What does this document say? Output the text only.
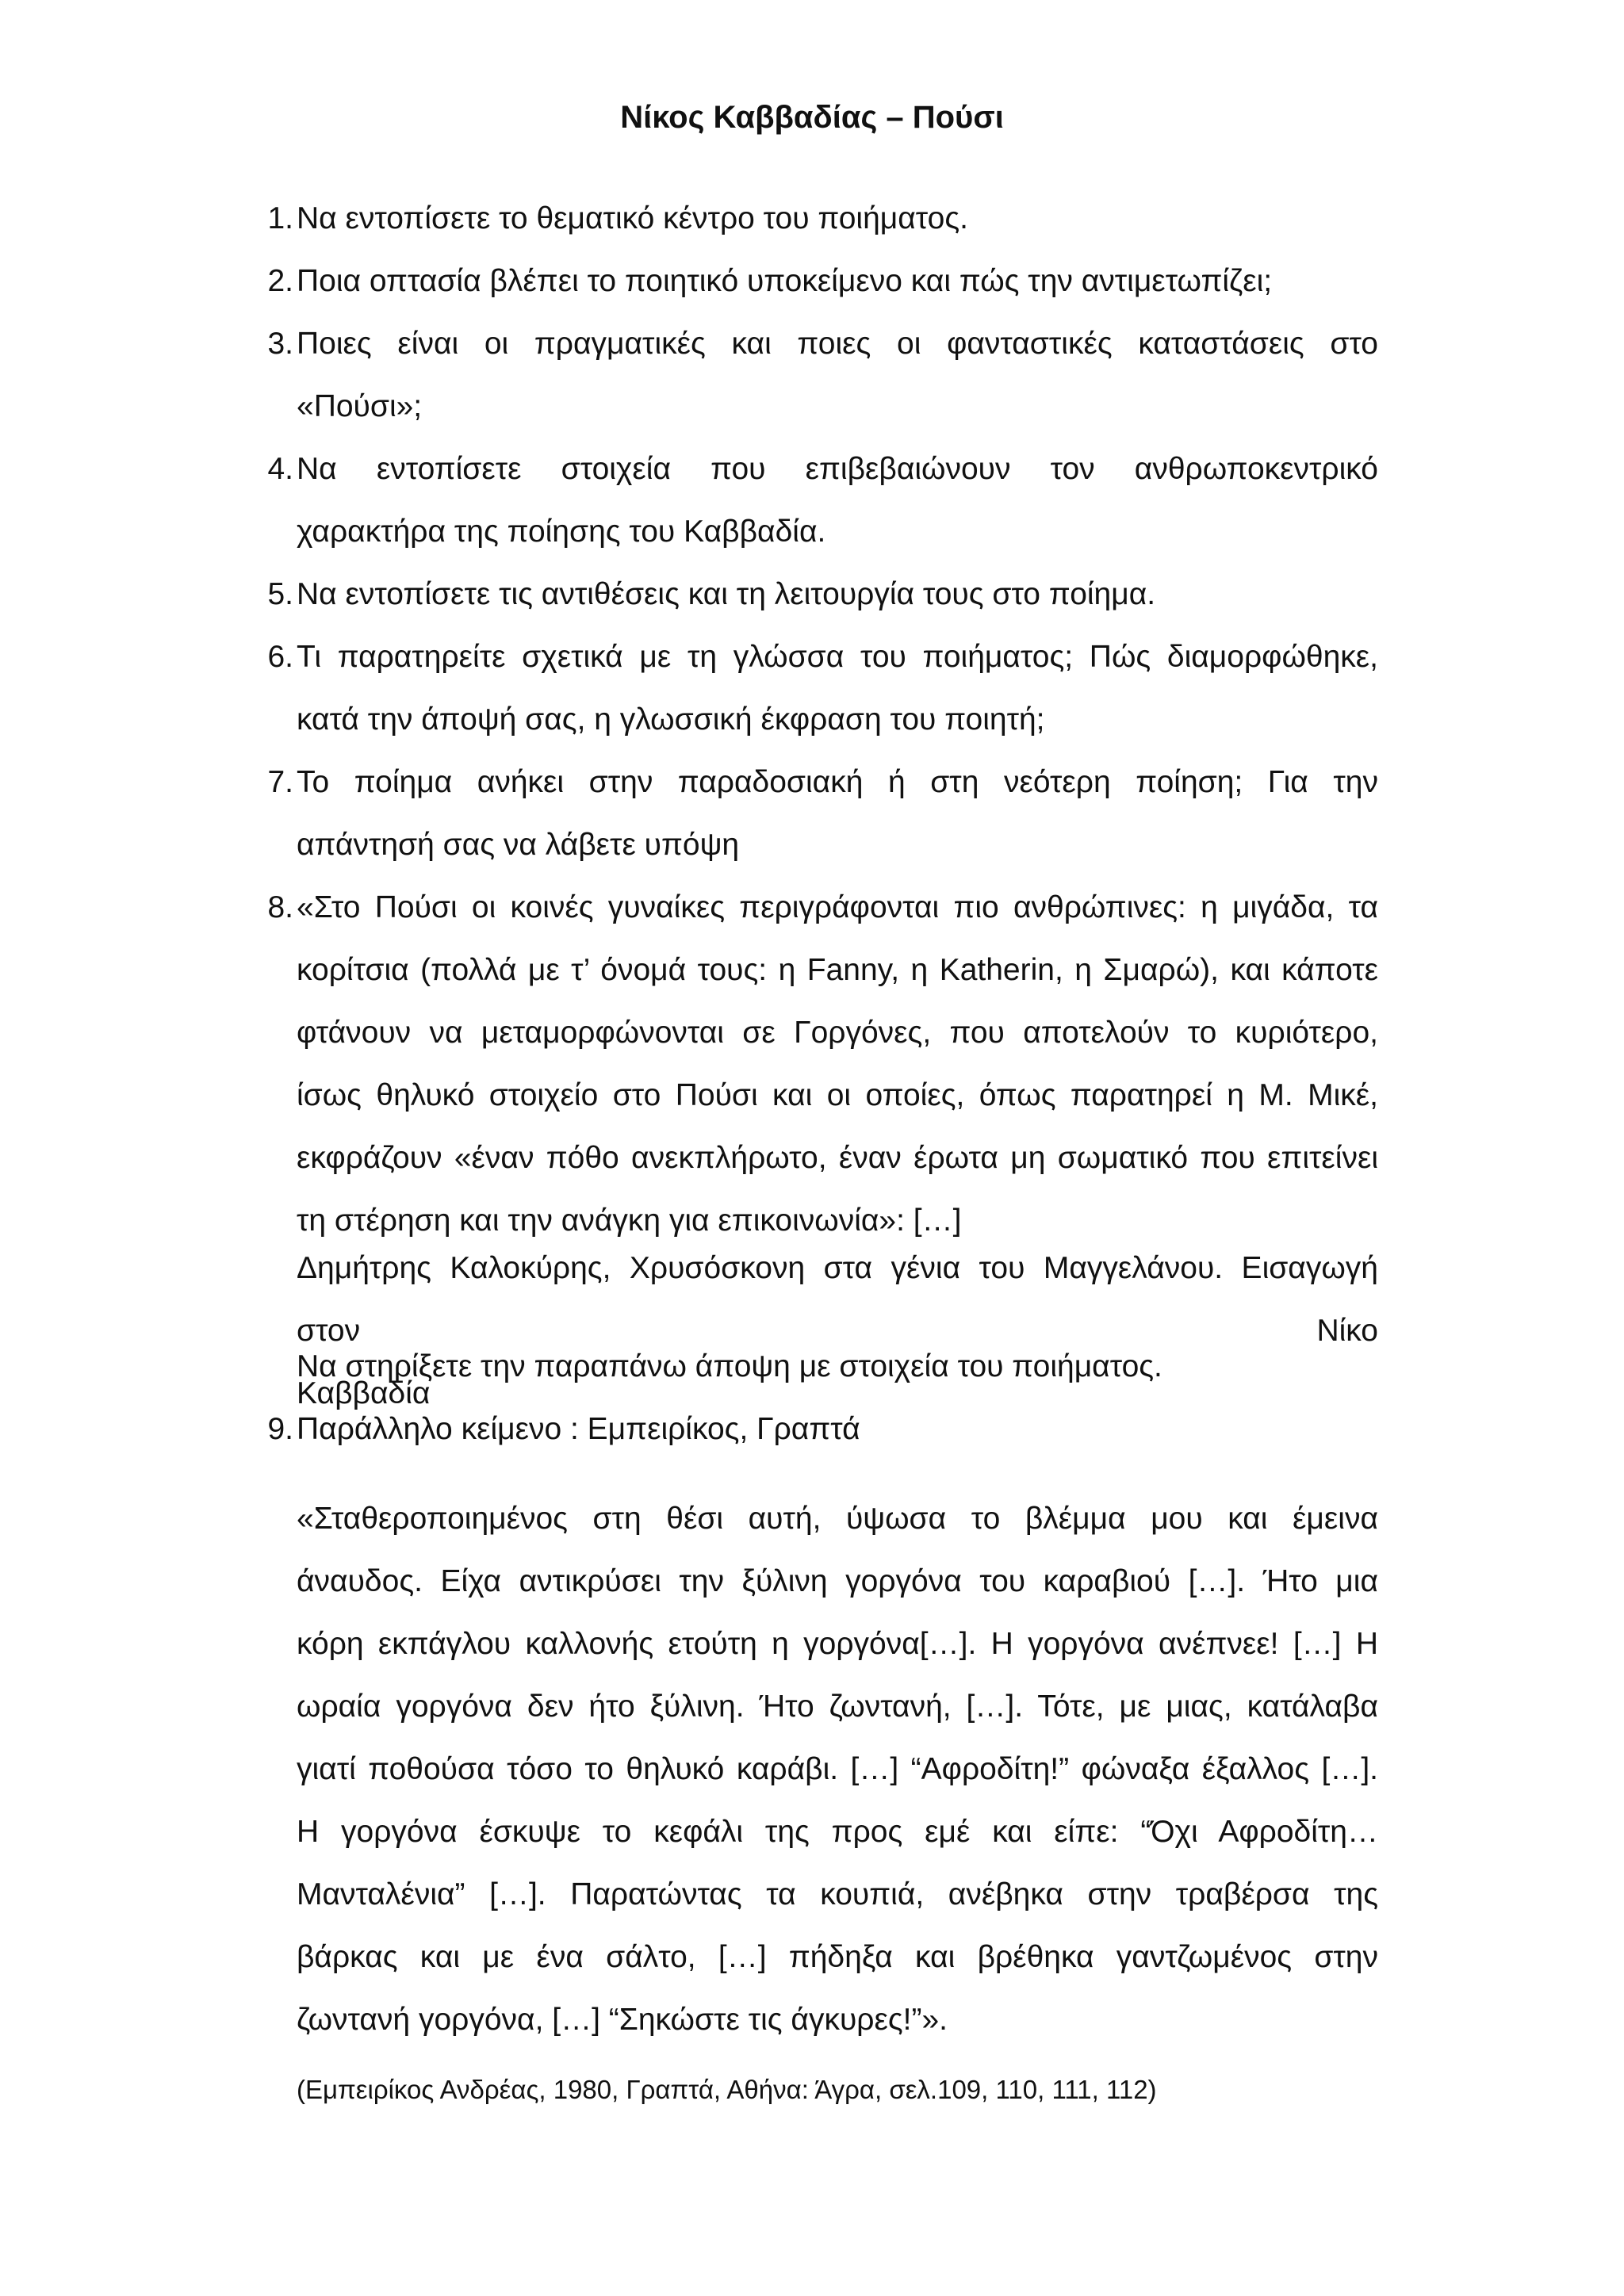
Νίκος Καββαδίας – Πούσι
1. Να εντοπίσετε το θεματικό κέντρο του ποιήματος.
2. Ποια οπτασία βλέπει το ποιητικό υποκείμενο και πώς την αντιμετωπίζει;
3. Ποιες είναι οι πραγματικές και ποιες οι φανταστικές καταστάσεις στο
«Πούσι»;
4. Να εντοπίσετε στοιχεία που επιβεβαιώνουν τον ανθρωποκεντρικό
χαρακτήρα της ποίησης του Καββαδία.
5. Να εντοπίσετε τις αντιθέσεις και τη λειτουργία τους στο ποίημα.
6. Τι παρατηρείτε σχετικά με τη γλώσσα του ποιήματος; Πώς διαμορφώθηκε,
κατά την άποψή σας, η γλωσσική έκφραση του ποιητή;
7. Το ποίημα ανήκει στην παραδοσιακή ή στη νεότερη ποίηση; Για την
απάντησή σας να λάβετε υπόψη
8. «Στο Πούσι οι κοινές γυναίκες περιγράφονται πιο ανθρώπινες: η μιγάδα, τα
κορίτσια (πολλά με τ’ όνομά τους: η Fanny, η Katherin, η Σμαρώ), και κάποτε
φτάνουν να μεταμορφώνονται σε Γοργόνες, που αποτελούν το κυριότερο,
ίσως θηλυκό στοιχείο στο Πούσι και οι οποίες, όπως παρατηρεί η Μ. Μικέ,
εκφράζουν «έναν πόθο ανεκπλήρωτο, έναν έρωτα μη σωματικό που επιτείνει
τη στέρηση και την ανάγκη για επικοινωνία»: […]
Δημήτρης Καλοκύρης, Χρυσόσκονη στα γένια του Μαγγελάνου. Εισαγωγή στον Νίκο
Καββαδία
Να στηρίξετε την παραπάνω άποψη με στοιχεία του ποιήματος.
9. Παράλληλο κείμενο : Εμπειρίκος, Γραπτά
«Σταθεροποιημένος στη θέσι αυτή, ύψωσα το βλέμμα μου και έμεινα
άναυδος. Είχα αντικρύσει την ξύλινη γοργόνα του καραβιού […]. Ήτο μια
κόρη εκπάγλου καλλονής ετούτη η γοργόνα[…]. Η γοργόνα ανέπνεε! […] Η
ωραία γοργόνα δεν ήτο ξύλινη. Ήτο ζωντανή, […]. Τότε, με μιας, κατάλαβα
γιατί ποθούσα τόσο το θηλυκό καράβι. […] “Αφροδίτη!” φώναξα έξαλλος […].
Η γοργόνα έσκυψε το κεφάλι της προς εμέ και είπε: “Όχι Αφροδίτη…
Μανταλένια” […]. Παρατώντας τα κουπιά, ανέβηκα στην τραβέρσα της
βάρκας και με ένα σάλτο, […] πήδηξα και βρέθηκα γαντζωμένος στην
ζωντανή γοργόνα, […] “Σηκώστε τις άγκυρες!”».
(Εμπειρίκος Ανδρέας, 1980, Γραπτά, Αθήνα: Άγρα, σελ.109, 110, 111, 112)
